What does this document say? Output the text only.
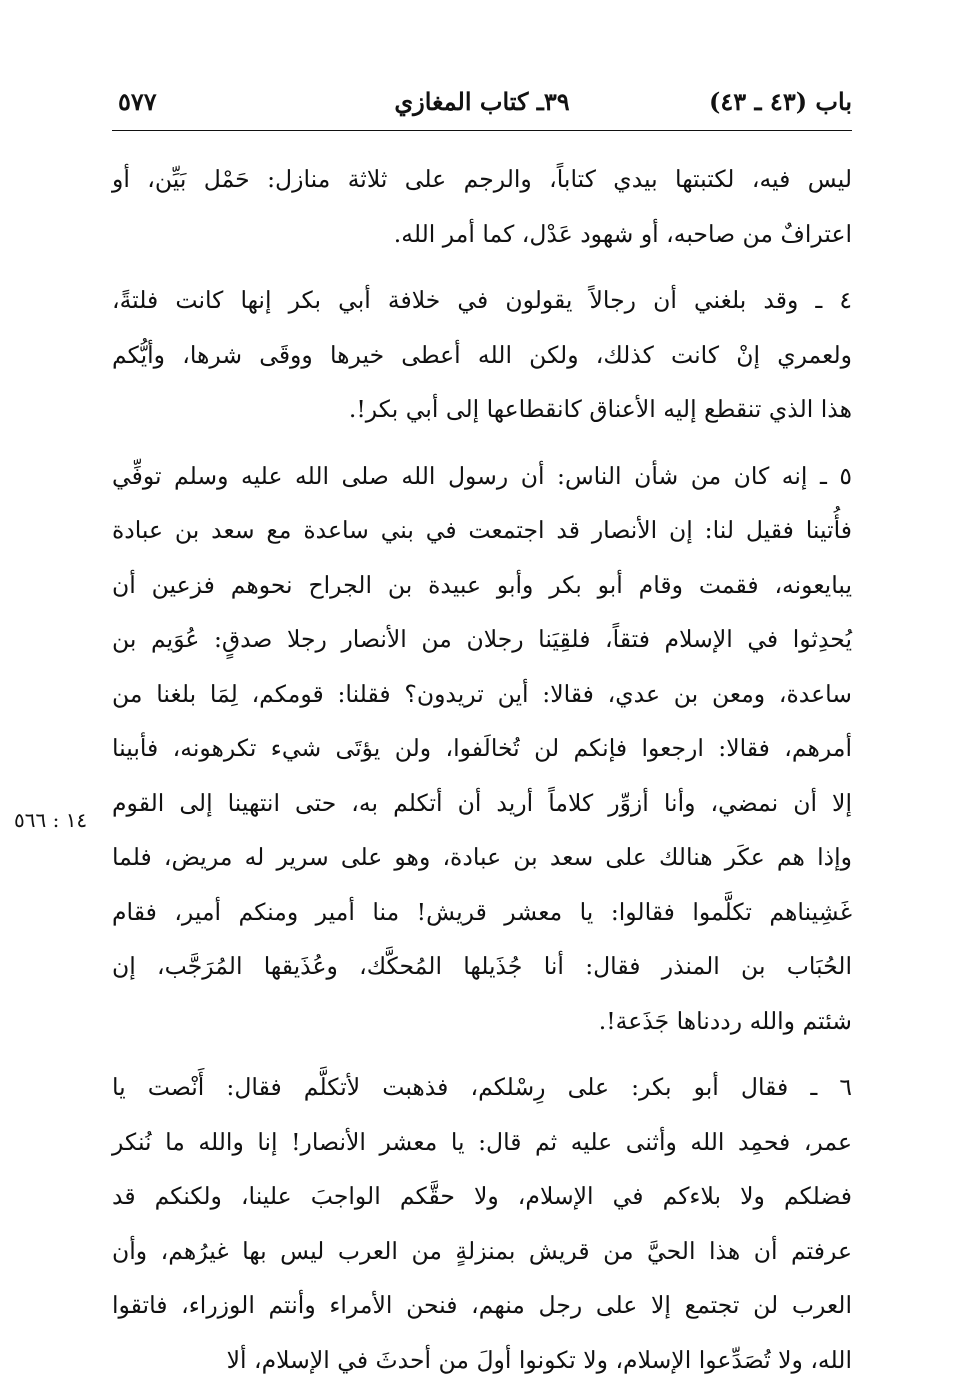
باب (٤٣ ـ ٤٣)
٣٩ـ كتاب المغازي
٥٧٧
١٤ : ٥٦٦

ليس فيه، لكتبتها بيدي كتاباً، والرجم على ثلاثة منازل: حَمْل بَيِّن، أو
اعترافٌ من صاحبه، أو شهود عَدْل، كما أمر الله.

٤ ـ وقد بلغني أن رجالاً يقولون في خلافة أبي بكر إنها كانت فلتةً،
ولعمري إنْ كانت كذلك، ولكن الله أعطى خيرها ووقَى شرها، وأيُّكم
هذا الذي تنقطع إليه الأعناق كانقطاعها إلى أبي بكر!.

٥ ـ إنه كان من شأن الناس: أن رسول الله صلى الله عليه وسلم توفِّي
فأُتينا فقيل لنا: إن الأنصار قد اجتمعت في بني ساعدة مع سعد بن عبادة
يبايعونه، فقمت وقام أبو بكر وأبو عبيدة بن الجراح نحوهم فزعين أن
يُحدِثوا في الإسلام فتقاً، فلقِيَنا رجلان من الأنصار رجلا صدقٍ: عُوَيم بن
ساعدة، ومعن بن عدي، فقالا: أين تريدون؟ فقلنا: قومكم، لِمَا بلغنا من
أمرهم، فقالا: ارجعوا فإنكم لن تُخالَفوا، ولن يؤتَى شيء تكرهونه، فأبينا
إلا أن نمضي، وأنا أزوِّر كلاماً أريد أن أتكلم به، حتى انتهينا إلى القوم
وإذا هم عكَر هنالك على سعد بن عبادة، وهو على سرير له مريض، فلما
غَشِيناهم تكلَّموا فقالوا: يا معشر قريش! منا أمير ومنكم أمير، فقام
الحُبَاب بن المنذر فقال: أنا جُذَيلها المُحكَّك، وعُذَيقها المُرَجَّب، إن
شئتم والله رددناها جَذَعة!.

٦ ـ فقال أبو بكر: على رِسْلكم، فذهبت لأتكلَّم فقال: أَنْصت يا
عمر، فحمِد الله وأثنى عليه ثم قال: يا معشر الأنصار! إنا والله ما نُنكر
فضلكم ولا بلاءكم في الإسلام، ولا حقَّكم الواجبَ علينا، ولكنكم قد
عرفتم أن هذا الحيَّ من قريش بمنزلةٍ من العرب ليس بها غيرُهم، وأن
العرب لن تجتمع إلا على رجل منهم، فنحن الأمراء وأنتم الوزراء، فاتقوا
الله، ولا تُصَدِّعوا الإسلام، ولا تكونوا أولَ من أحدثَ في الإسلام، ألا
